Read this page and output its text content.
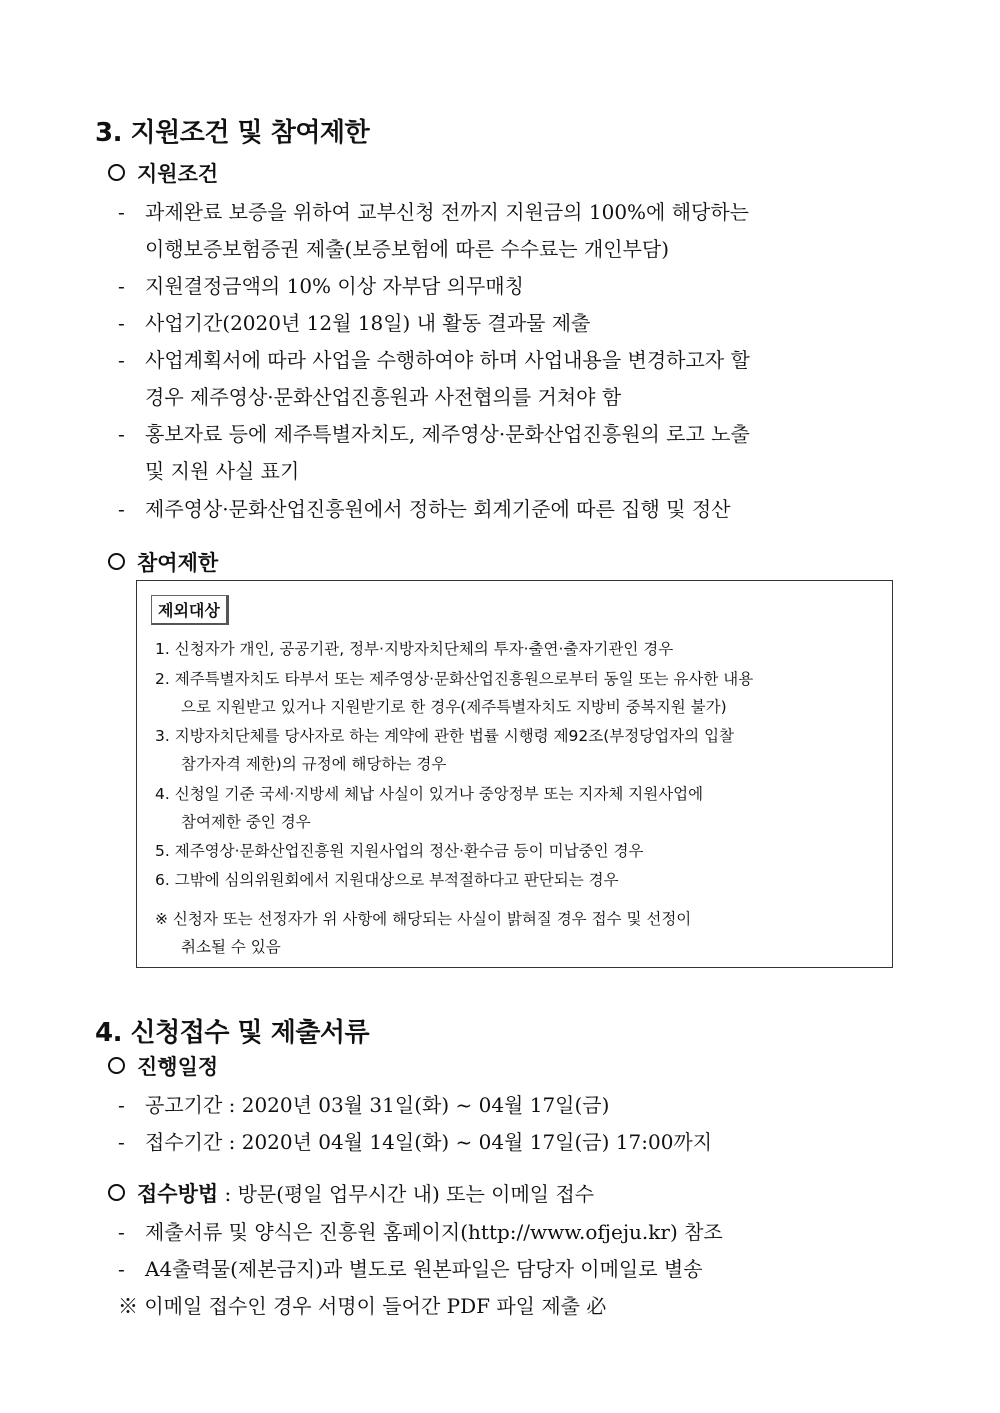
3. 지원조건 및 참여제한
지원조건
- 과제완료 보증을 위하여 교부신청 전까지 지원금의 100%에 해당하는
이행보증보험증권 제출(보증보험에 따른 수수료는 개인부담)
- 지원결정금액의 10% 이상 자부담 의무매칭
- 사업기간(2020년 12월 18일) 내 활동 결과물 제출
- 사업계획서에 따라 사업을 수행하여야 하며 사업내용을 변경하고자 할
경우 제주영상·문화산업진흥원과 사전협의를 거쳐야 함
- 홍보자료 등에 제주특별자치도, 제주영상·문화산업진흥원의 로고 노출
및 지원 사실 표기
- 제주영상·문화산업진흥원에서 정하는 회계기준에 따른 집행 및 정산
참여제한
제외대상
1. 신청자가 개인, 공공기관, 정부·지방자치단체의 투자·출연·출자기관인 경우
2. 제주특별자치도 타부서 또는 제주영상·문화산업진흥원으로부터 동일 또는 유사한 내용
으로 지원받고 있거나 지원받기로 한 경우(제주특별자치도 지방비 중복지원 불가)
3. 지방자치단체를 당사자로 하는 계약에 관한 법률 시행령 제92조(부정당업자의 입찰
참가자격 제한)의 규정에 해당하는 경우
4. 신청일 기준 국세·지방세 체납 사실이 있거나 중앙정부 또는 지자체 지원사업에
참여제한 중인 경우
5. 제주영상·문화산업진흥원 지원사업의 정산·환수금 등이 미납중인 경우
6. 그밖에 심의위원회에서 지원대상으로 부적절하다고 판단되는 경우
※ 신청자 또는 선정자가 위 사항에 해당되는 사실이 밝혀질 경우 접수 및 선정이
취소될 수 있음
4. 신청접수 및 제출서류
진행일정
- 공고기간 : 2020년 03월 31일(화) ~ 04월 17일(금)
- 접수기간 : 2020년 04월 14일(화) ~ 04월 17일(금) 17:00까지
접수방법 : 방문(평일 업무시간 내) 또는 이메일 접수
- 제출서류 및 양식은 진흥원 홈페이지(http://www.ofjeju.kr) 참조
- A4출력물(제본금지)과 별도로 원본파일은 담당자 이메일로 별송
※ 이메일 접수인 경우 서명이 들어간 PDF 파일 제출 必
